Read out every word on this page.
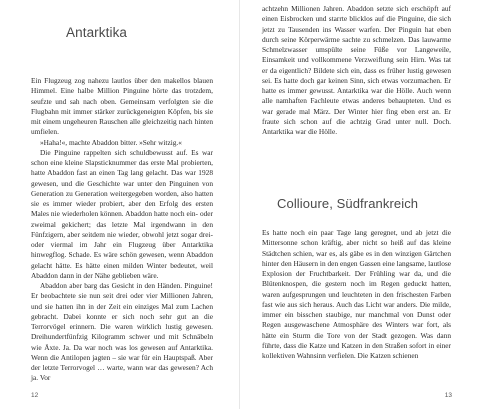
Antarktika

Ein Flugzeug zog nahezu lautlos über den makellos blauen Himmel. Eine halbe Million Pinguine hörte das trotzdem, seufzte und sah nach oben. Gemeinsam verfolgten sie die Flugbahn mit immer stärker zurückgeneigten Köpfen, bis sie mit einem ungeheuren Rauschen alle gleichzeitig nach hinten umfielen.

»Haha!«, machte Abaddon bitter. »Sehr witzig.«

Die Pinguine rappelten sich schuldbewusst auf. Es war schon eine kleine Slapsticknummer das erste Mal probierten, hatte Abaddon fast an einen Tag lang gelacht. Das war 1928 gewesen, und die Geschichte war unter den Pinguinen von Generation zu Generation weitergegeben worden, also hatten sie es immer wieder probiert, aber den Erfolg des ersten Males nie wiederholen können. Abaddon hatte noch ein- oder zweimal gekichert; das letzte Mal irgendwann in den Fünfzigern, aber seitdem nie wieder, obwohl jetzt sogar drei- oder viermal im Jahr ein Flugzeug über Antarktika hinwegflog. Schade. Es wäre schön gewesen, wenn Abaddon gelacht hätte. Es hätte einen milden Winter bedeutet, weil Abaddon dann in der Nähe geblieben wäre.

Abaddon aber barg das Gesicht in den Händen. Pinguine! Er beobachtete sie nun seit drei oder vier Millionen Jahren, und sie hatten ihn in der Zeit ein einziges Mal zum Lachen gebracht. Dabei konnte er sich noch sehr gut an die Terrorvögel erinnern. Die waren wirklich lustig gewesen. Dreihundertfünfzig Kilogramm schwer und mit Schnäbeln wie Äxte. Ja. Da war noch was los gewesen auf Antarktika. Wenn die Antilopen jagten – sie war für ein Hauptspaß. Aber der letzte Terrorvogel … warte, wann war das gewesen? Ach ja. Vor

12

achtzehn Millionen Jahren. Abaddon setzte sich erschöpft auf einen Eisbrocken und starrte blicklos auf die Pinguine, die sich jetzt zu Tausenden ins Wasser warfen. Der Pinguin hat eben durch seine Körperwärme sachte zu schmelzen. Das lauwarme Schmelzwasser umspülte seine Füße vor Langeweile, Einsamkeit und vollkommene Verzweiflung sein Hirn. Was tat er da eigentlich? Bildete sich ein, dass es früher lustig gewesen sei. Es hatte doch gar keinen Sinn, sich etwas vorzumachen. Er hatte es immer gewusst. Antarktika war die Hölle. Auch wenn alle namhaften Fachleute etwas anderes behaupteten. Und es war gerade mal März. Der Winter hier fing eben erst an. Er fraute sich schon auf die achtzig Grad unter null. Doch. Antarktika war die Hölle.

Collioure, Südfrankreich

Es hatte noch ein paar Tage lang geregnet, und ab jetzt die Mittersonne schon kräftig, aber nicht so heiß auf das kleine Städtchen schien, war es, als gäbe es in den winzigen Gärtchen hinter den Häusern in den engen Gassen eine langsame, lautlose Explosion der Fruchtbarkeit. Der Frühling war da, und die Blütenknospen, die gestern noch im Regen geduckt hatten, waren aufgesprungen und leuchteten in den frischesten Farben fast wie aus sich heraus. Auch das Licht war anders. Die milde, immer ein bisschen staubige, nur manchmal von Dunst oder Regen ausgewaschene Atmosphäre des Winters war fort, als hätte ein Sturm die Tore von der Stadt gezogen. Was dann führte, dass die Katze und Katzen in den Straßen sofort in einer kollektiven Wahnsinn verfielen. Die Katzen schienen

13
